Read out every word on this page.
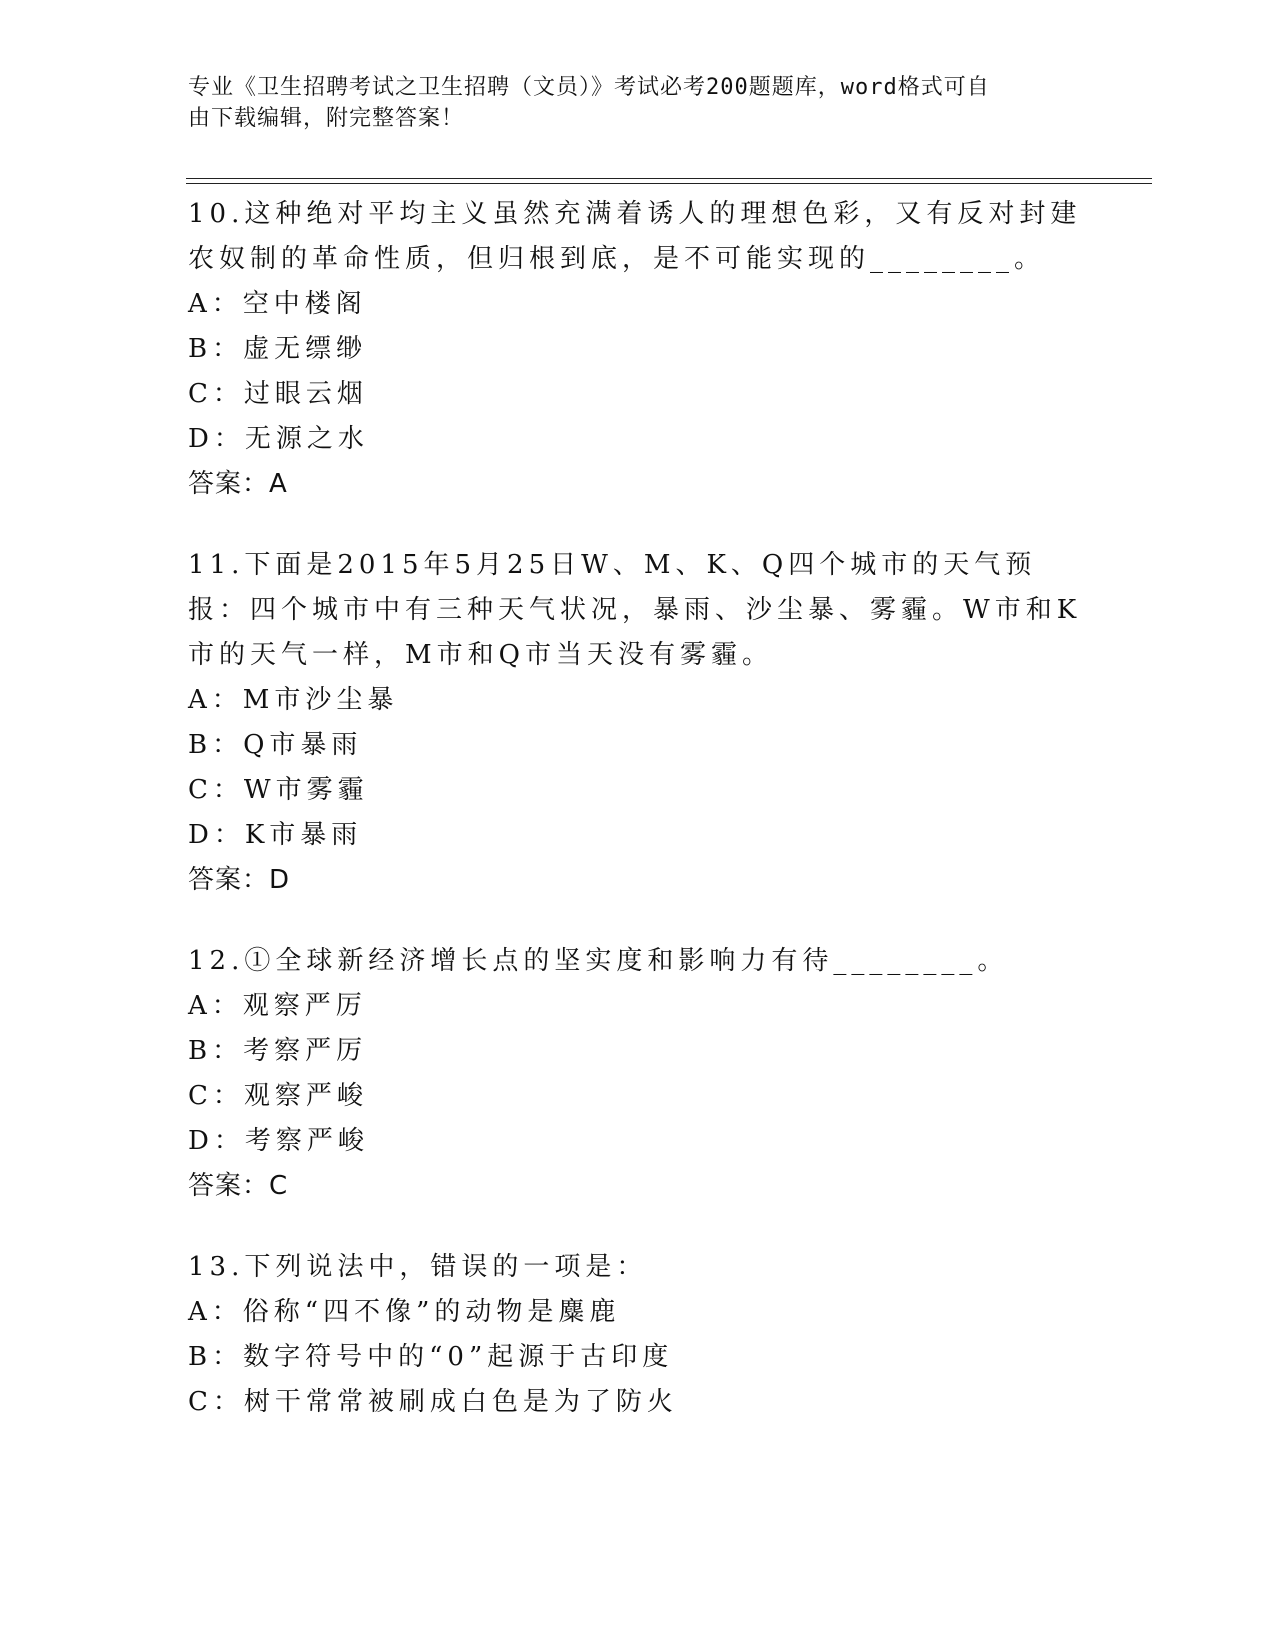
专业《卫生招聘考试之卫生招聘（文员）》考试必考200题题库，word格式可自
由下载编辑，附完整答案！
10.这种绝对平均主义虽然充满着诱人的理想色彩，又有反对封建农奴制的革命性质，但归根到底，是不可能实现的________。
A：空中楼阁
B：虚无缥缈
C：过眼云烟
D：无源之水
答案：A
11.下面是2015年5月25日W、M、K、Q四个城市的天气预报：四个城市中有三种天气状况，暴雨、沙尘暴、雾霾。W市和K市的天气一样，M市和Q市当天没有雾霾。
A：M市沙尘暴
B：Q市暴雨
C：W市雾霾
D：K市暴雨
答案：D
12.①全球新经济增长点的坚实度和影响力有待________。
A：观察严厉
B：考察严厉
C：观察严峻
D：考察严峻
答案：C
13.下列说法中，错误的一项是：
A：俗称“四不像”的动物是麋鹿
B：数字符号中的“0”起源于古印度
C：树干常常被刷成白色是为了防火
